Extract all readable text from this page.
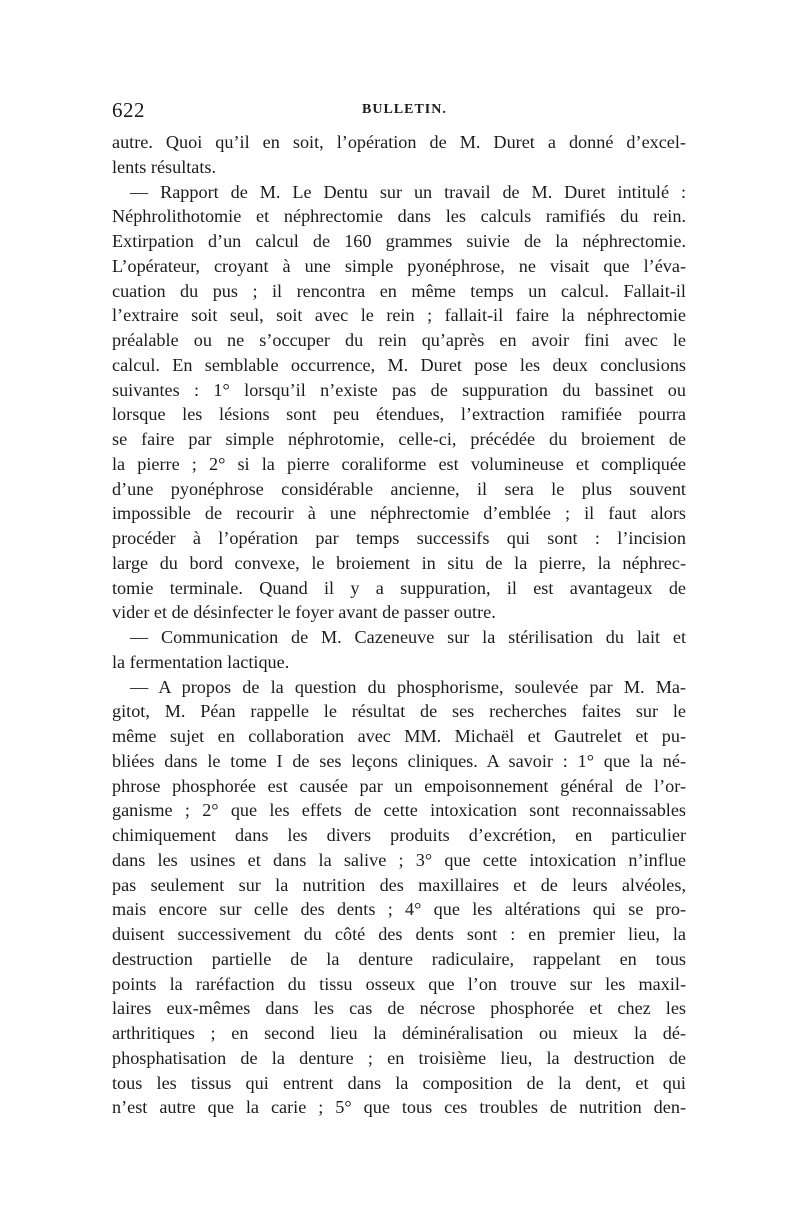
622	BULLETIN.
autre. Quoi qu’il en soit, l’opération de M. Duret a donné d’excel-
lents résultats.
— Rapport de M. Le Dentu sur un travail de M. Duret intitulé :
Néphrolithotomie et néphrectomie dans les calculs ramifiés du rein.
Extirpation d’un calcul de 160 grammes suivie de la néphrectomie.
L’opérateur, croyant à une simple pyonéphrose, ne visait que l’éva-
cuation du pus ; il rencontra en même temps un calcul. Fallait-il
l’extraire soit seul, soit avec le rein ; fallait-il faire la néphrectomie
préalable ou ne s’occuper du rein qu’après en avoir fini avec le
calcul. En semblable occurrence, M. Duret pose les deux conclusions
suivantes : 1° lorsqu’il n’existe pas de suppuration du bassinet ou
lorsque les lésions sont peu étendues, l’extraction ramifiée pourra
se faire par simple néphrotomie, celle-ci, précédée du broiement de
la pierre ; 2° si la pierre coraliforme est volumineuse et compliquée
d’une pyonéphrose considérable ancienne, il sera le plus souvent
impossible de recourir à une néphrectomie d’emblée ; il faut alors
procéder à l’opération par temps successifs qui sont : l’incision
large du bord convexe, le broiement in situ de la pierre, la néphrec-
tomie terminale. Quand il y a suppuration, il est avantageux de
vider et de désinfecter le foyer avant de passer outre.
— Communication de M. Cazeneuve sur la stérilisation du lait et
la fermentation lactique.
— A propos de la question du phosphorisme, soulevée par M. Ma-
gitot, M. Péan rappelle le résultat de ses recherches faites sur le
même sujet en collaboration avec MM. Michaël et Gautrelet et pu-
bliées dans le tome I de ses leçons cliniques. A savoir : 1° que la né-
phrose phosphorée est causée par un empoisonnement général de l’or-
ganisme ; 2° que les effets de cette intoxication sont reconnaissables
chimiquement dans les divers produits d’excrétion, en particulier
dans les usines et dans la salive ; 3° que cette intoxication n’influe
pas seulement sur la nutrition des maxillaires et de leurs alvéoles,
mais encore sur celle des dents ; 4° que les altérations qui se pro-
duisent successivement du côté des dents sont : en premier lieu, la
destruction partielle de la denture radiculaire, rappelant en tous
points la raréfaction du tissu osseux que l’on trouve sur les maxil-
laires eux-mêmes dans les cas de nécrose phosphorée et chez les
arthritiques ; en second lieu la déminéralisation ou mieux la dé-
phosphatisation de la denture ; en troisième lieu, la destruction de
tous les tissus qui entrent dans la composition de la dent, et qui
n’est autre que la carie ; 5° que tous ces troubles de nutrition den-
